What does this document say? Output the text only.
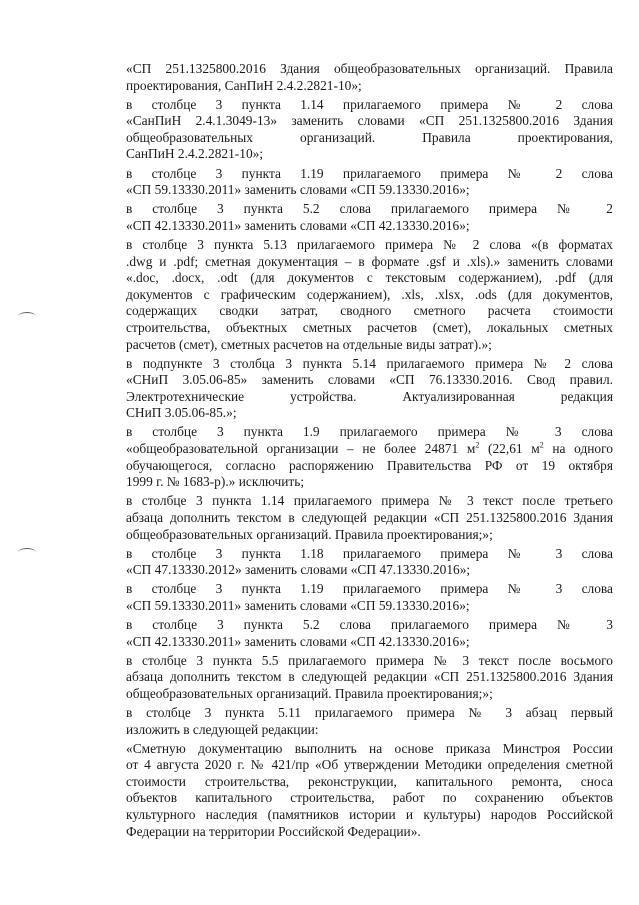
«СП 251.1325800.2016 Здания общеобразовательных организаций. Правила
проектирования, СанПиН 2.4.2.2821-10»;
в столбце 3 пункта 1.14 прилагаемого примера № 2 слова
«СанПиН 2.4.1.3049-13» заменить словами «СП 251.1325800.2016 Здания
общеобразовательных организаций. Правила проектирования,
СанПиН 2.4.2.2821-10»;
в столбце 3 пункта 1.19 прилагаемого примера № 2 слова
«СП 59.13330.2011» заменить словами «СП 59.13330.2016»;
в столбце 3 пункта 5.2 слова прилагаемого примера № 2
«СП 42.13330.2011» заменить словами «СП 42.13330.2016»;
в столбце 3 пункта 5.13 прилагаемого примера № 2 слова «(в форматах
.dwg и .pdf; сметная документация – в формате .gsf и .xls).» заменить словами
«.doc, .docx, .odt (для документов с текстовым содержанием), .pdf (для
документов с графическим содержанием), .xls, .xlsx, .ods (для документов,
содержащих сводки затрат, сводного сметного расчета стоимости
строительства, объектных сметных расчетов (смет), локальных сметных
расчетов (смет), сметных расчетов на отдельные виды затрат).»;
в подпункте 3 столбца 3 пункта 5.14 прилагаемого примера № 2 слова
«СНиП 3.05.06-85» заменить словами «СП 76.13330.2016. Свод правил.
Электротехнические устройства. Актуализированная редакция
СНиП 3.05.06-85.»;
в столбце 3 пункта 1.9 прилагаемого примера № 3 слова
«общеобразовательной организации – не более 24871 $м^2$ (22,61 $м^2$ на одного
обучающегося, согласно распоряжению Правительства РФ от 19 октября
1999 г. № 1683-р).» исключить;
в столбце 3 пункта 1.14 прилагаемого примера № 3 текст после третьего
абзаца дополнить текстом в следующей редакции «СП 251.1325800.2016 Здания
общеобразовательных организаций. Правила проектирования;»;
в столбце 3 пункта 1.18 прилагаемого примера № 3 слова
«СП 47.13330.2012» заменить словами «СП 47.13330.2016»;
в столбце 3 пункта 1.19 прилагаемого примера № 3 слова
«СП 59.13330.2011» заменить словами «СП 59.13330.2016»;
в столбце 3 пункта 5.2 слова прилагаемого примера № 3
«СП 42.13330.2011» заменить словами «СП 42.13330.2016»;
в столбце 3 пункта 5.5 прилагаемого примера № 3 текст после восьмого
абзаца дополнить текстом в следующей редакции «СП 251.1325800.2016 Здания
общеобразовательных организаций. Правила проектирования;»;
в столбце 3 пункта 5.11 прилагаемого примера № 3 абзац первый
изложить в следующей редакции:
«Сметную документацию выполнить на основе приказа Минстроя России
от 4 августа 2020 г. № 421/пр «Об утверждении Методики определения сметной
стоимости строительства, реконструкции, капитального ремонта, сноса
объектов капитального строительства, работ по сохранению объектов
культурного наследия (памятников истории и культуры) народов Российской
Федерации на территории Российской Федерации».
